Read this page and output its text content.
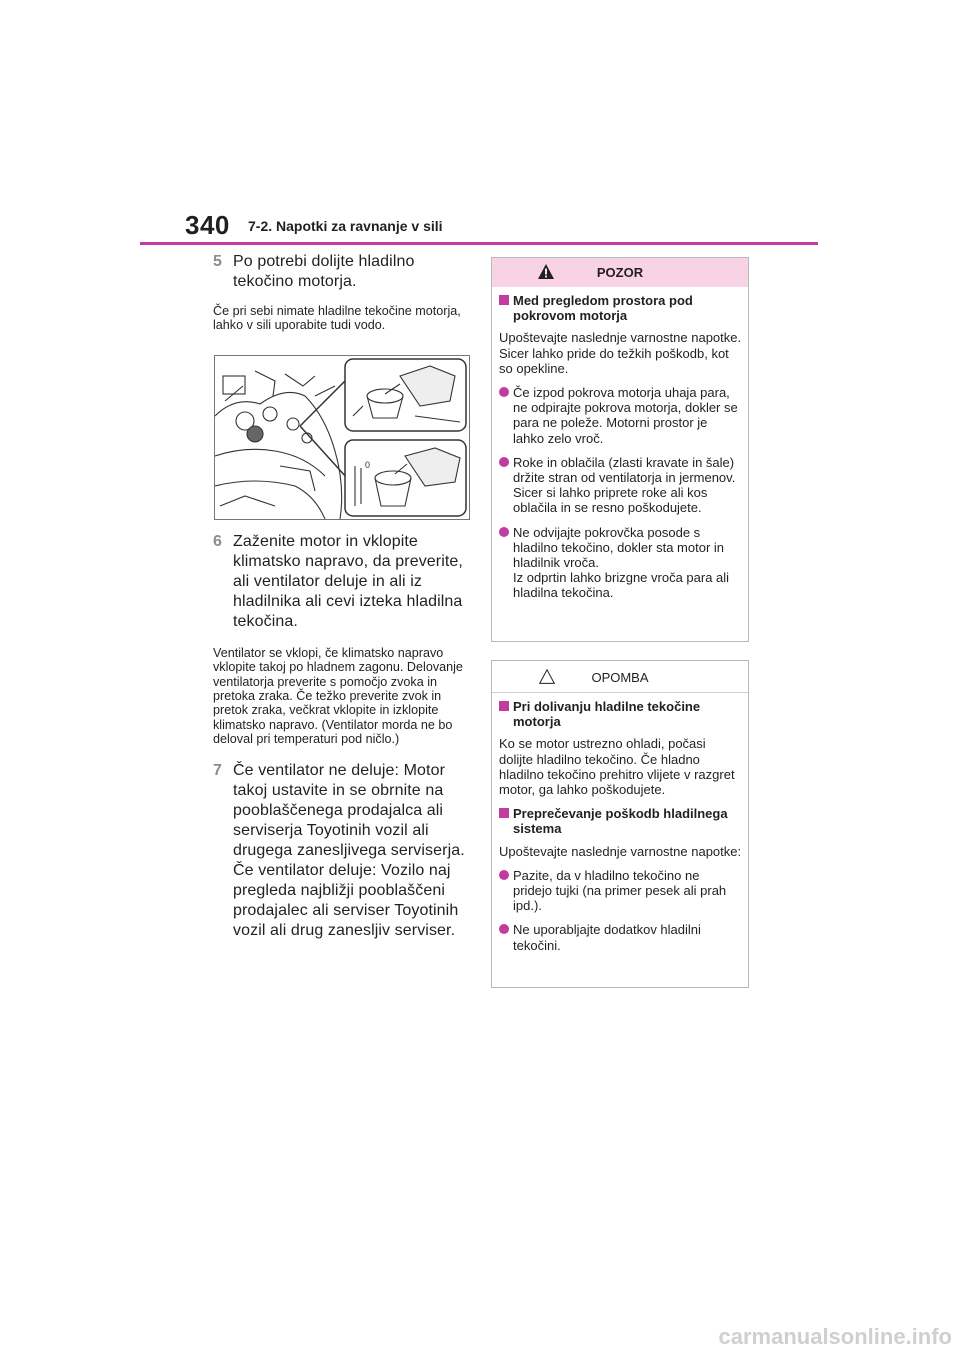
340 7-2. Napotki za ravnanje v sili
5 Po potrebi dolijte hladilno tekočino motorja.

Če pri sebi nimate hladilne tekočine motorja, lahko v sili uporabite tudi vodo.

0
6 Zaženite motor in vklopite klimatsko napravo, da preverite, ali ventilator deluje in ali iz hladilnika ali cevi izteka hladilna tekočina.

Ventilator se vklopi, če klimatsko napravo vklopite takoj po hladnem zagonu. Delovanje ventilatorja preverite s pomočjo zvoka in pretoka zraka. Če težko preverite zvok in pretok zraka, večkrat vklopite in izklopite klimatsko napravo. (Ventilator morda ne bo deloval pri temperaturi pod ničlo.)

7 Če ventilator ne deluje: Motor takoj ustavite in se obrnite na pooblaščenega prodajalca ali serviserja Toyotinih vozil ali drugega zanesljivega serviserja. Če ventilator deluje: Vozilo naj pregleda najbližji pooblaščeni prodajalec ali serviser Toyotinih vozil ali drug zanesljiv serviser.
POZOR
Med pregledom prostora pod pokrovom motorja
Upoštevajte naslednje varnostne napotke. Sicer lahko pride do težkih poškodb, kot so opekline.
Če izpod pokrova motorja uhaja para, ne odpirajte pokrova motorja, dokler se para ne poleže. Motorni prostor je lahko zelo vroč.
Roke in oblačila (zlasti kravate in šale) držite stran od ventilatorja in jermenov. Sicer si lahko priprete roke ali kos oblačila in se resno poškodujete.
Ne odvijajte pokrovčka posode s hladilno tekočino, dokler sta motor in hladilnik vroča.
Iz odprtin lahko brizgne vroča para ali hladilna tekočina.
OPOMBA
Pri dolivanju hladilne tekočine motorja
Ko se motor ustrezno ohladi, počasi dolijte hladilno tekočino. Če hladno hladilno tekočino prehitro vlijete v razgret motor, ga lahko poškodujete.
Preprečevanje poškodb hladilnega sistema
Upoštevajte naslednje varnostne napotke:
Pazite, da v hladilno tekočino ne pridejo tujki (na primer pesek ali prah ipd.).
Ne uporabljajte dodatkov hladilni tekočini.
carmanualsonline.info
